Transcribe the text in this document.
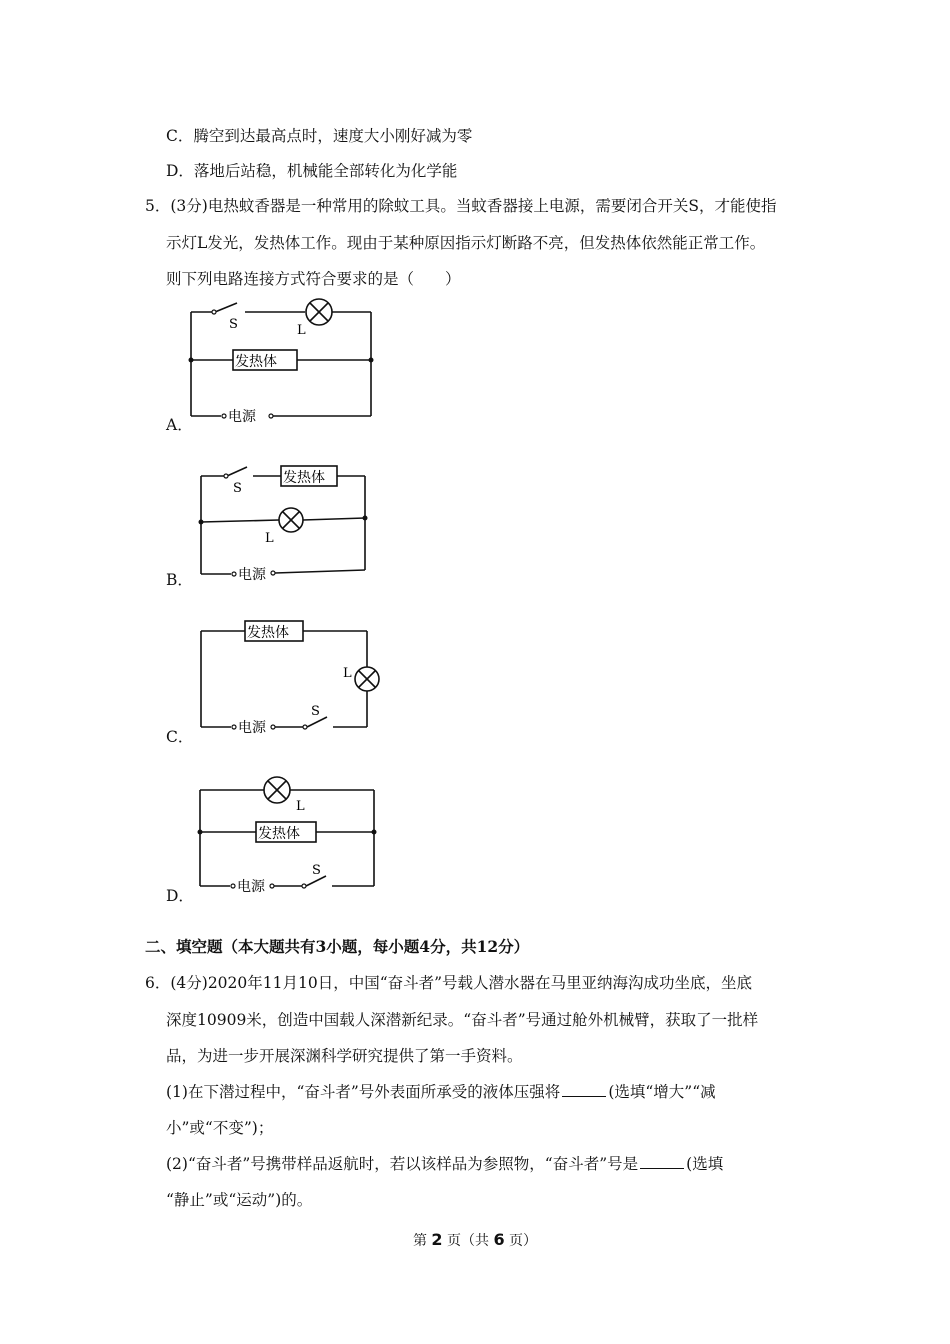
C．腾空到达最高点时，速度大小刚好减为零
D．落地后站稳，机械能全部转化为化学能
5．(3分)电热蚊香器是一种常用的除蚊工具。当蚊香器接上电源，需要闭合开关S，才能使指
示灯L发光，发热体工作。现由于某种原因指示灯断路不亮，但发热体依然能正常工作。
则下列电路连接方式符合要求的是（　　）
A．
S	L
发热体
电源
B．
S
L
发热体
电源
C．
L
S
发热体
电源
D．
L
S
发热体
电源
二、填空题（本大题共有3小题，每小题4分，共12分）
6．(4分)2020年11月10日，中国“奋斗者”号载人潜水器在马里亚纳海沟成功坐底，坐底
深度10909米，创造中国载人深潜新纪录。“奋斗者”号通过舱外机械臂，获取了一批样
品，为进一步开展深渊科学研究提供了第一手资料。
(1)在下潜过程中，“奋斗者”号外表面所承受的液体压强将	(选填“增大”“减
小”或“不变”)；
(2)“奋斗者”号携带样品返航时，若以该样品为参照物，“奋斗者”号是	(选填
“静止”或“运动”)的。
第 2 页（共 6 页）
